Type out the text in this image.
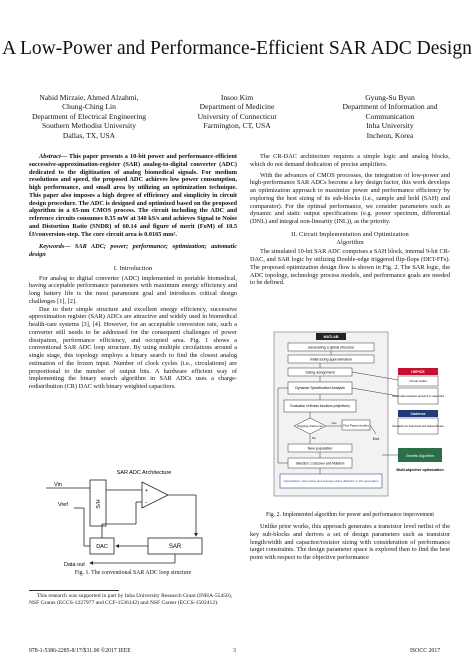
A Low-Power and Performance-Efficient SAR ADC Design
Nahid Mirzaie, Ahmed Alzahmi,
Chung-Ching Lin
Department of Electrical Engineering
Southern Methodist University
Dallas, TX, USA
Insoo Kim
Department of Medicine
University of Connecticut
Farmington, CT, USA
Gyung-Su Byun
Department of Information and
Communication
Inha University
Incheon, Korea

Abstract— This paper presents a 10-bit power and performance-efficient successive-approximation-register (SAR) analog-to-digital converter (ADC) dedicated to the digitization of analog biomedical signals. For medium resolutions and speed, the proposed ADC achieves low power consumption, high performance, and small area by utilizing an optimization technique. This paper also imposes a high degree of efficiency and simplicity in circuit design procedure. The ADC is designed and optimized based on the proposed algorithm in a 65-nm CMOS process. The circuit including the ADC and reference circuits consumes 0.35 mW at 340 kS/s and achieves Signal to Noise and Distortion Ratio (SNDR) of 60.14 and figure of merit (FoM) of 10.5 fJ/conversion-step. The core circuit area is 0.0165 mm².

Keywords— SAR ADC; power; performance; optimization; automatic design

I. Introduction

For analog to digital converter (ADC) implemented in portable biomedical, having acceptable performance parameters with maximum energy efficiency and long battery life is the most paramount goal and introduces critical design challenges [1], [2].

Due to their simple structure and excellent energy efficiency, successive approximation register (SAR) ADCs are attractive and widely used in biomedical health-care systems [3], [4]. However, for an acceptable conversion rate, such a converter still needs to be addressed for the consequent challenges of power dissipation, performance efficiency, and occupied area. Fig. 1 shows a conventional SAR ADC loop structure. By using multiple circulations around a single stage, this topology employs a binary search to find the closest analog estimation of the frozen input. Number of clock cycles (i.e., circulations) are proportional to the number of output bits. A hardware efficient way of implementing the binary search algorithm in SAR ADCs uses a charge-redistribution (CR) DAC with binary weighted capacitors.

SAR ADC Architecture
Vin
S/H
Vref
+
−
DAC	SAR
Data out
Fig. 1. The conventional SAR ADC loop structure
This research was supported in part by Inha University Research Grant (INHA-55450), NSF Grants (ECCS-1227977 and CCF-1536142) and NSF Career (ECCS-1502412).

The CR-DAC architecture requires a simple logic and analog blocks, which do not demand dedication of precise amplifiers.

With the advances of CMOS processes, the integration of low-power and high-performance SAR ADCs become a key design factor, this work develops an optimization approach to maximize power and performance efficiency by exploring the best sizing of its sub-blocks (i.e., sample and hold (SAH) and comparator). For the optimal performance, we consider parameters such as dynamic and static output specifications (e.g. power spectrum, differential (DNL) and integral non-linearity (INL)), as the priority.

II. Circuit Implementation and Optimization
Algorithm

The simulated 10-bit SAR ADC comprises a SAH block, internal 9-bit CR-DAC, and SAR logic by utilizing Double-edge triggered flip-flops (DET-FFs). The proposed optimization design flow is shown in Fig. 2. The SAR logic, the ADC topology, technology process models, and performance goals are needed to be defined.

MATLAB
Generating a global structure
Initial sizing approximation
Sizing assignment
Dynamic Specification Analysis
Evaluation of fitness functions (objectives)
Stopping criteria met	Find Pareto frontier
Yes
No	End
New population
Selection, Crossover and Mutation
Optimization, best sizing and average sizing definition in this generation
HSPICE
Circuit netlist
Output data extraction and print in output files
Cadence
Simulation on final circuit with desired fitness
Genetic Algorithm
Multi-objective optimization
Fig. 2. Implemented algorithm for power and performance improvement

Unlike prior works, this approach generates a transistor level netlist of the key sub-blocks and derives a set of design parameters such as transistor length/width and capacitor/resistor sizing with consideration of performance target constraints. The design parameter space is explored then to find the best point with respect to the objective performance

978-1-5386-2285-8/17/$31.00 ©2017 IEEE	3	ISOCC 2017
